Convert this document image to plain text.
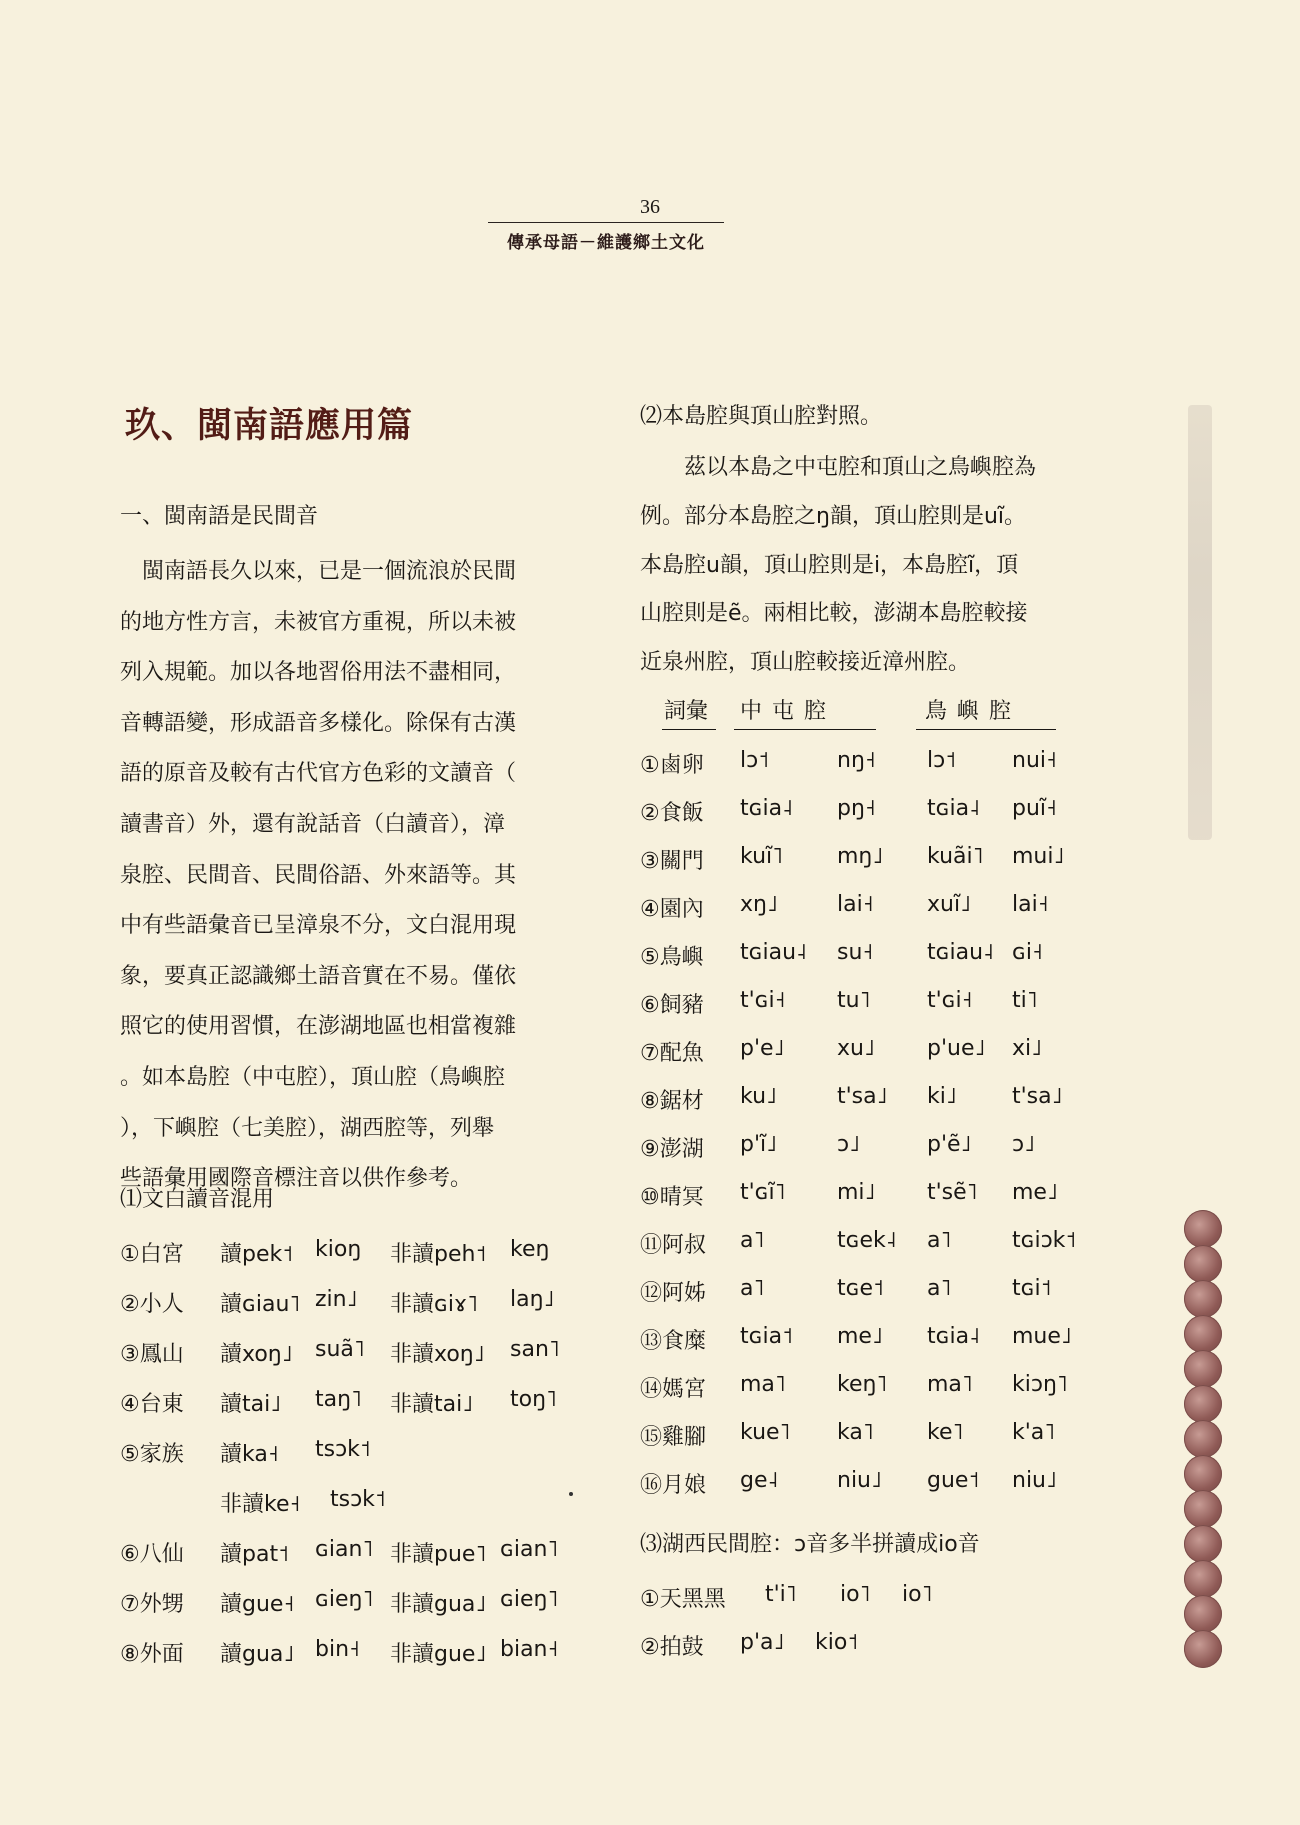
36
傳承母語－維護鄉土文化
玖、閩南語應用篇
一、閩南語是民間音
　閩南語長久以來，已是一個流浪於民間
的地方性方言，未被官方重視，所以未被
列入規範。加以各地習俗用法不盡相同，
音轉語變，形成語音多樣化。除保有古漢
語的原音及較有古代官方色彩的文讀音（
讀書音）外，還有說話音（白讀音），漳
泉腔、民間音、民間俗語、外來語等。其
中有些語彙音已呈漳泉不分，文白混用現
象，要真正認識鄉土語音實在不易。僅依
照它的使用習慣，在澎湖地區也相當複雜
。如本島腔（中屯腔），頂山腔（鳥嶼腔
），下嶼腔（七美腔），湖西腔等，列舉
些語彙用國際音標注音以供作參考。
⑴文白讀音混用
①白宮 讀pek˦ kioŋ 非讀peh˦ keŋ
②小人 讀ɢiau˥ zin˩ 非讀ɢiɤ˥ laŋ˩
③鳳山 讀xoŋ˩ suã˥ 非讀xoŋ˩ san˥
④台東 讀tai˩ taŋ˥ 非讀tai˩ toŋ˥
⑤家族 讀ka˧ tsɔk˦
非讀ke˧ tsɔk˦
⑥八仙 讀pat˦ ɢian˥ 非讀pue˥ ɢian˥
⑦外甥 讀gue˧ ɢieŋ˥ 非讀gua˩ ɢieŋ˥
⑧外面 讀gua˩ bin˧ 非讀gue˩ bian˧
⑵本島腔與頂山腔對照。
　　茲以本島之中屯腔和頂山之鳥嶼腔為
例。部分本島腔之ŋ韻，頂山腔則是uĩ。
本島腔u韻，頂山腔則是i，本島腔ĩ，頂
山腔則是ẽ。兩相比較，澎湖本島腔較接
近泉州腔，頂山腔較接近漳州腔。
詞彙 中屯腔	鳥嶼腔
①鹵卵 lɔ˦	nŋ˧ lɔ˦	nui˧
②食飯 tɢia˨ pŋ˧ tɢia˨ puĩ˧
③關門 kuĩ˥ mŋ˩ kuãi˥ mui˩
④園內 xŋ˩	lai˧ xuĩ˩ lai˧
⑤鳥嶼 tɢiau˨ su˧ tɢiau˨ ɢi˧
⑥飼豬 t'ɢi˧ tu˥	t'ɢi˧ ti˥
⑦配魚 p'e˩ xu˩ p'ue˩ xi˩
⑧鋸材 ku˩	t'sa˩ ki˩	t'sa˩
⑨澎湖 p'ĩ˩	ɔ˩	p'ẽ˩ ɔ˩
⑩晴冥 t'ɢĩ˥ mi˩ t'sẽ˥ me˩
⑪阿叔 a˥	tɢek˨ a˥	tɢiɔk˦
⑫阿姊 a˥	tɢe˦ a˥	tɢi˦
⑬食糜 tɢia˦ me˩ tɢia˨ mue˩
⑭媽宮 ma˥ keŋ˥ ma˥ kiɔŋ˥
⑮雞腳 kue˥ ka˥ ke˥ k'a˥
⑯月娘 ge˨	niu˩ gue˦ niu˩
⑶湖西民間腔：ɔ音多半拼讀成io音
①天黑黑 t'i˥ io˥ io˥
②拍鼓 p'a˩ kio˦
